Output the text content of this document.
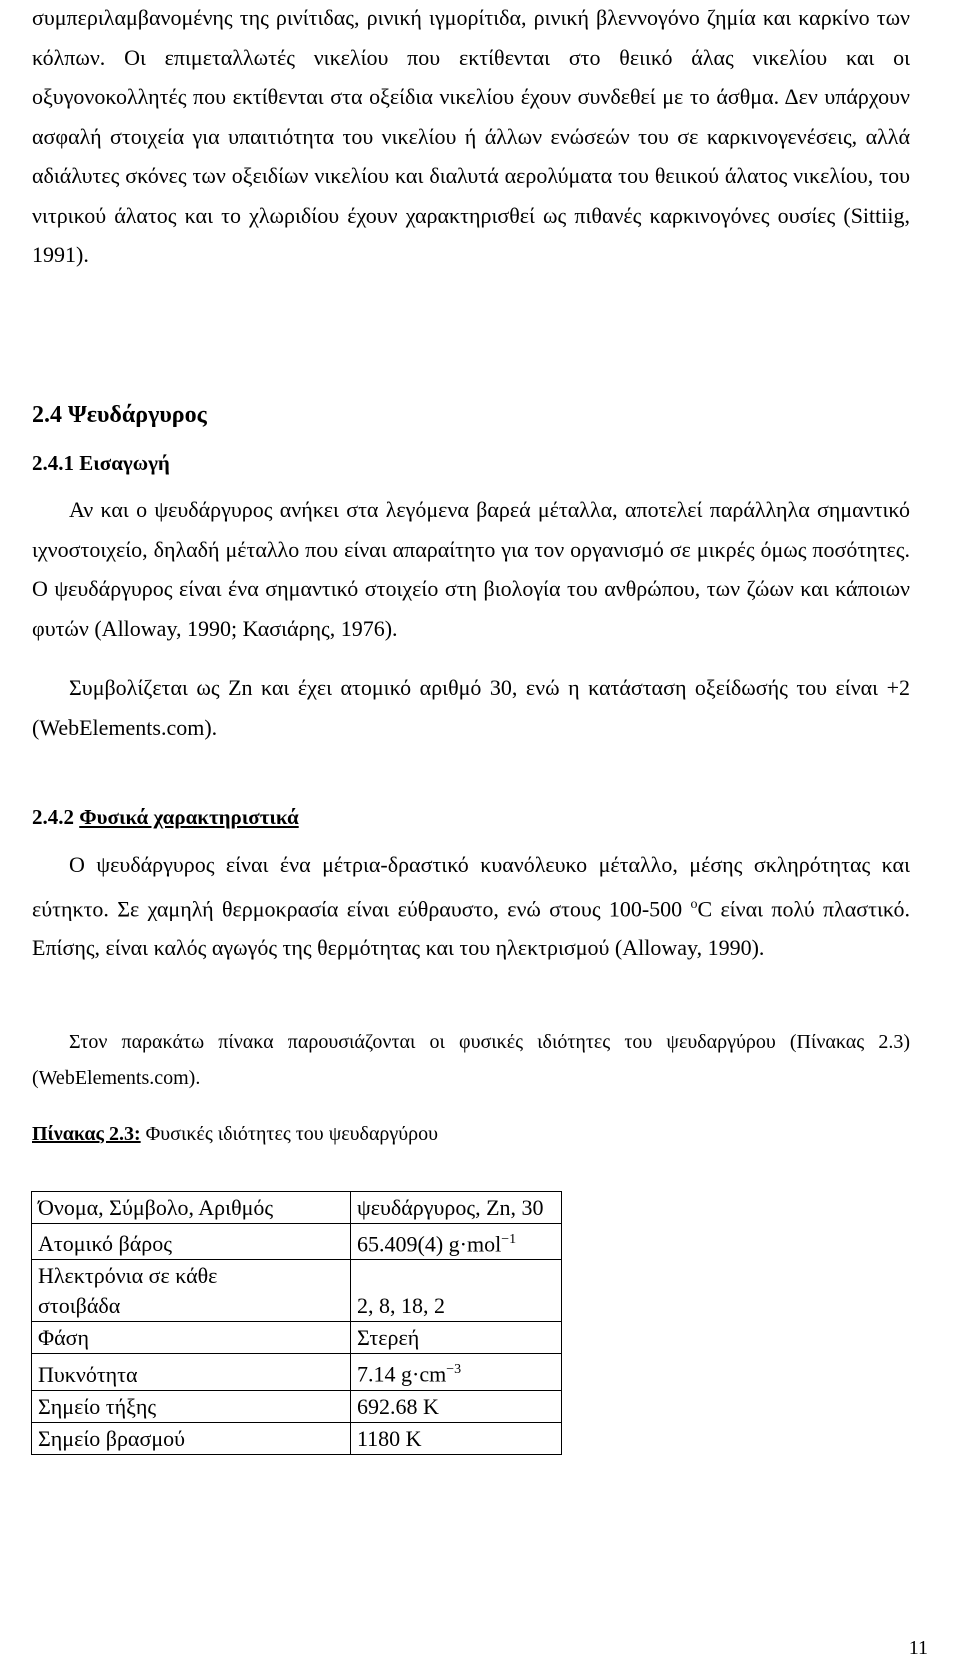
συμπεριλαμβανομένης της ρινίτιδας, ρινική ιγμορίτιδα, ρινική βλεννογόνο ζημία και καρκίνο των κόλπων. Οι επιμεταλλωτές νικελίου που εκτίθενται στο θειικό άλας νικελίου και οι οξυγονοκολλητές που εκτίθενται στα οξείδια νικελίου έχουν συνδεθεί με το άσθμα. Δεν υπάρχουν ασφαλή στοιχεία για υπαιτιότητα του νικελίου ή άλλων ενώσεών του σε καρκινογενέσεις, αλλά αδιάλυτες σκόνες των οξειδίων νικελίου και διαλυτά αερολύματα του θειικού άλατος νικελίου, του νιτρικού άλατος και το χλωριδίου έχουν χαρακτηρισθεί ως πιθανές καρκινογόνες ουσίες (Sittiig, 1991).

2.4 Ψευδάργυρος
2.4.1 Εισαγωγή

Αν και ο ψευδάργυρος ανήκει στα λεγόμενα βαρεά μέταλλα, αποτελεί παράλληλα σημαντικό ιχνοστοιχείο, δηλαδή μέταλλο που είναι απαραίτητο για τον οργανισμό σε μικρές όμως ποσότητες. Ο ψευδάργυρος είναι ένα σημαντικό στοιχείο στη βιολογία του ανθρώπου, των ζώων και κάποιων φυτών (Alloway, 1990; Κασιάρης, 1976).

Συμβολίζεται ως Zn και έχει ατομικό αριθμό 30, ενώ η κατάσταση οξείδωσής του είναι +2 (WebElements.com).

2.4.2 Φυσικά χαρακτηριστικά

Ο ψευδάργυρος είναι ένα μέτρια-δραστικό κυανόλευκο μέταλλο, μέσης σκληρότητας και εύτηκτο. Σε χαμηλή θερμοκρασία είναι εύθραυστο, ενώ στους 100-500 $^o$C είναι πολύ πλαστικό. Επίσης, είναι καλός αγωγός της θερμότητας και του ηλεκτρισμού (Alloway, 1990).

Στον παρακάτω πίνακα παρουσιάζονται οι φυσικές ιδιότητες του ψευδαργύρου (Πίνακας 2.3) (WebElements.com).

Πίνακας 2.3: Φυσικές ιδιότητες του ψευδαργύρου

Όνομα, Σύμβολο, Αριθμός	ψευδάργυρος, Zn, 30
Ατομικό βάρος	65.409(4) g·mol$^{-1}$

Ηλεκτρόνια σε κάθε
στοιβάδα	2, 8, 18, 2
Φάση	Στερεή
Πυκνότητα	7.14 $g\cdot cm^{-3}$
Σημείο τήξης	692.68 K
Σημείο βρασμού	1180 K
11
